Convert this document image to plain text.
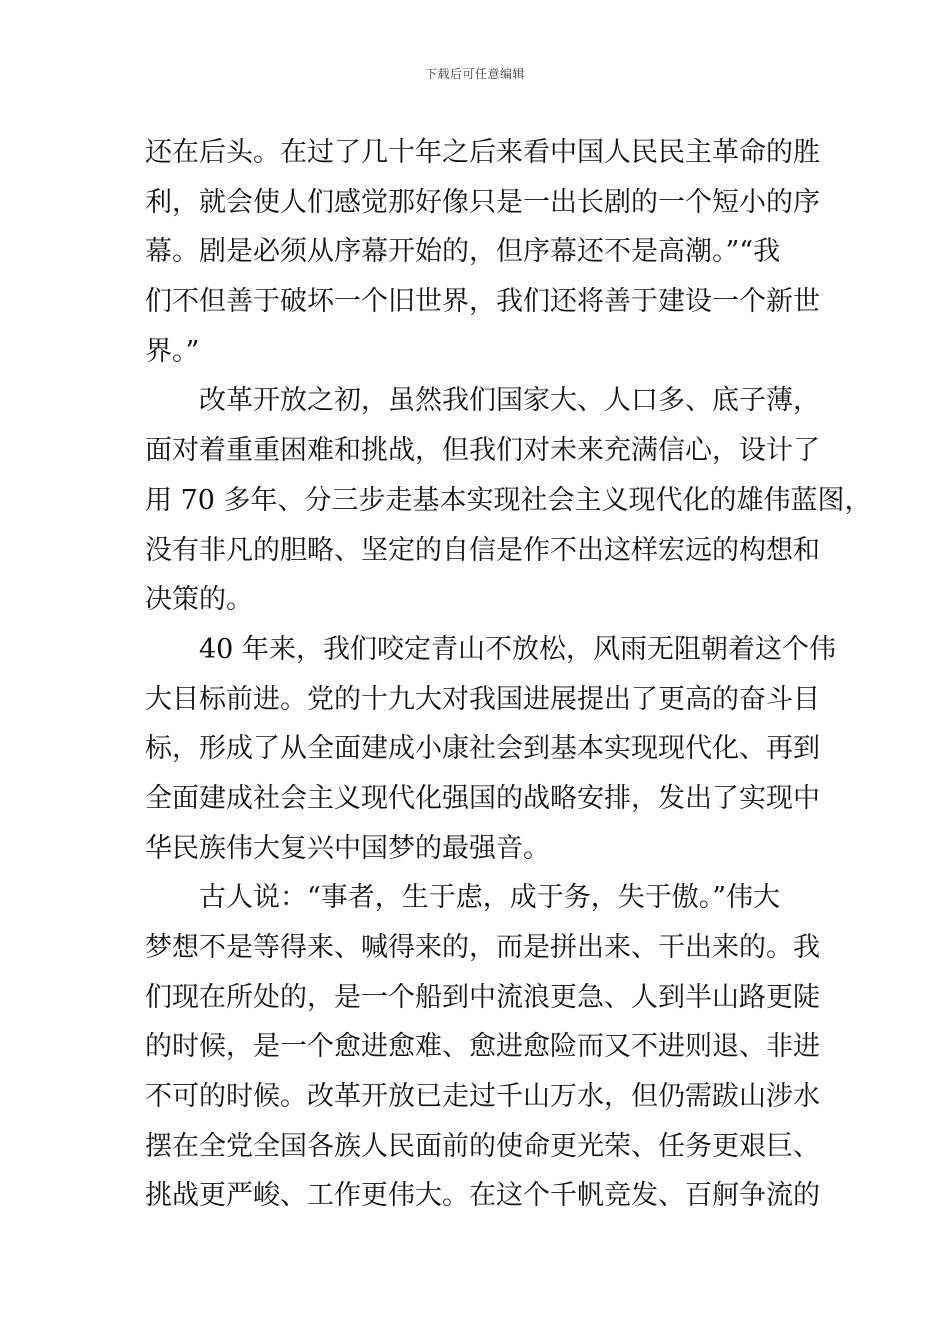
下载后可任意编辑
还在后头。在过了几十年之后来看中国人民民主革命的胜
利，就会使人们感觉那好像只是一出长剧的一个短小的序
幕。剧是必须从序幕开始的，但序幕还不是高潮。”“我
们不但善于破坏一个旧世界，我们还将善于建设一个新世
界。”
改革开放之初，虽然我们国家大、人口多、底子薄，
面对着重重困难和挑战，但我们对未来充满信心，设计了
用 70 多年、分三步走基本实现社会主义现代化的雄伟蓝图，
没有非凡的胆略、坚定的自信是作不出这样宏远的构想和
决策的。
40 年来，我们咬定青山不放松，风雨无阻朝着这个伟
大目标前进。党的十九大对我国进展提出了更高的奋斗目
标，形成了从全面建成小康社会到基本实现现代化、再到
全面建成社会主义现代化强国的战略安排，发出了实现中
华民族伟大复兴中国梦的最强音。
古人说：“事者，生于虑，成于务，失于傲。”伟大
梦想不是等得来、喊得来的，而是拼出来、干出来的。我
们现在所处的，是一个船到中流浪更急、人到半山路更陡
的时候，是一个愈进愈难、愈进愈险而又不进则退、非进
不可的时候。改革开放已走过千山万水，但仍需跋山涉水
摆在全党全国各族人民面前的使命更光荣、任务更艰巨、
挑战更严峻、工作更伟大。在这个千帆竞发、百舸争流的
